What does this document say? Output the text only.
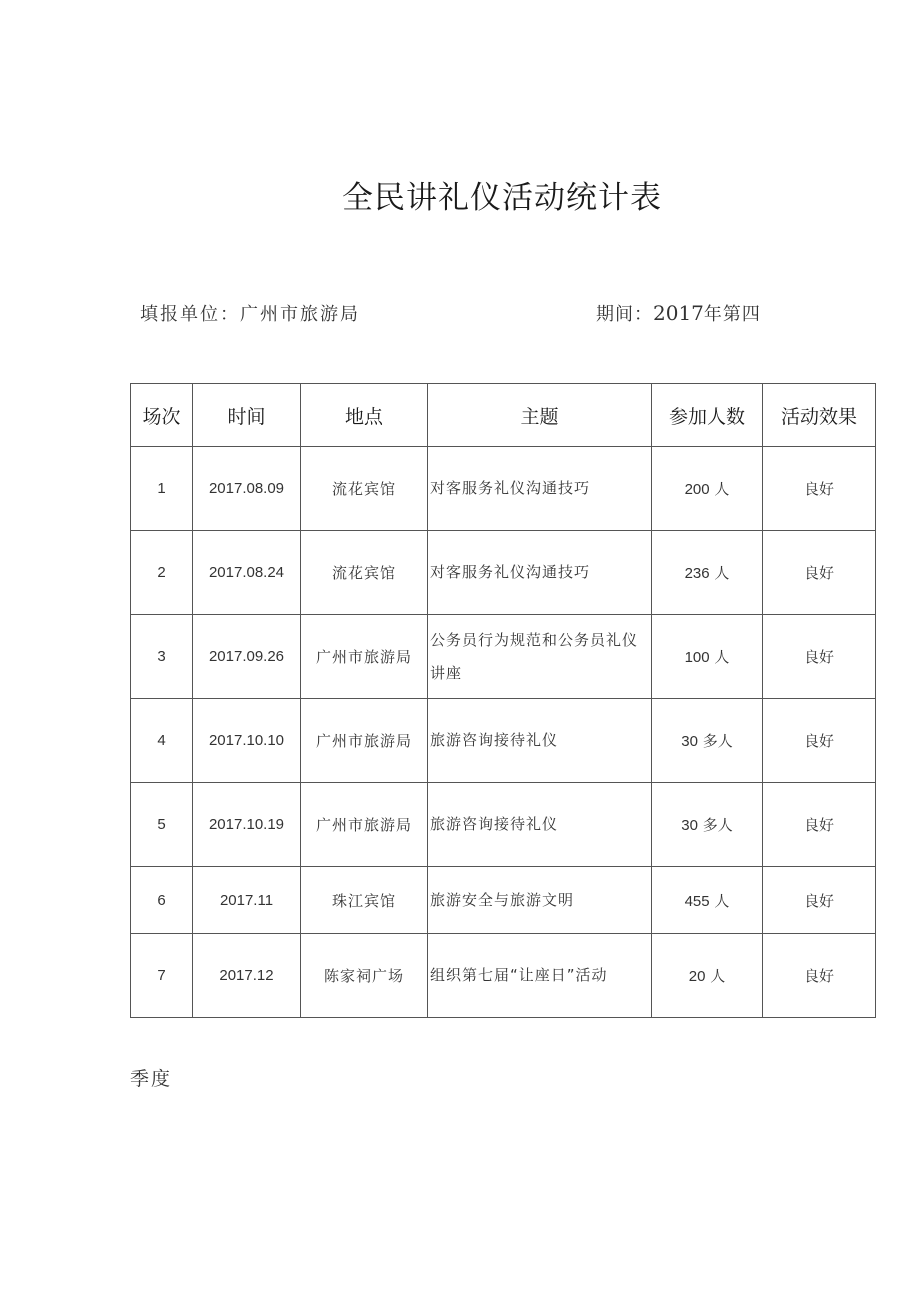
全民讲礼仪活动统计表
填报单位：广州市旅游局	期间：2017年第四
场次	时间	地点	主题	参加人数	活动效果
1	2017.08.09	流花宾馆	对客服务礼仪沟通技巧	200 人	良好
2	2017.08.24	流花宾馆	对客服务礼仪沟通技巧	236 人	良好
3	2017.09.26	广州市旅游局	公务员行为规范和公务员礼仪讲座	100 人	良好
4	2017.10.10	广州市旅游局	旅游咨询接待礼仪	30 多人	良好
5	2017.10.19	广州市旅游局	旅游咨询接待礼仪	30 多人	良好
6	2017.11	珠江宾馆	旅游安全与旅游文明	455 人	良好
7	2017.12	陈家祠广场	组织第七届“让座日”活动	20 人	良好
季度
